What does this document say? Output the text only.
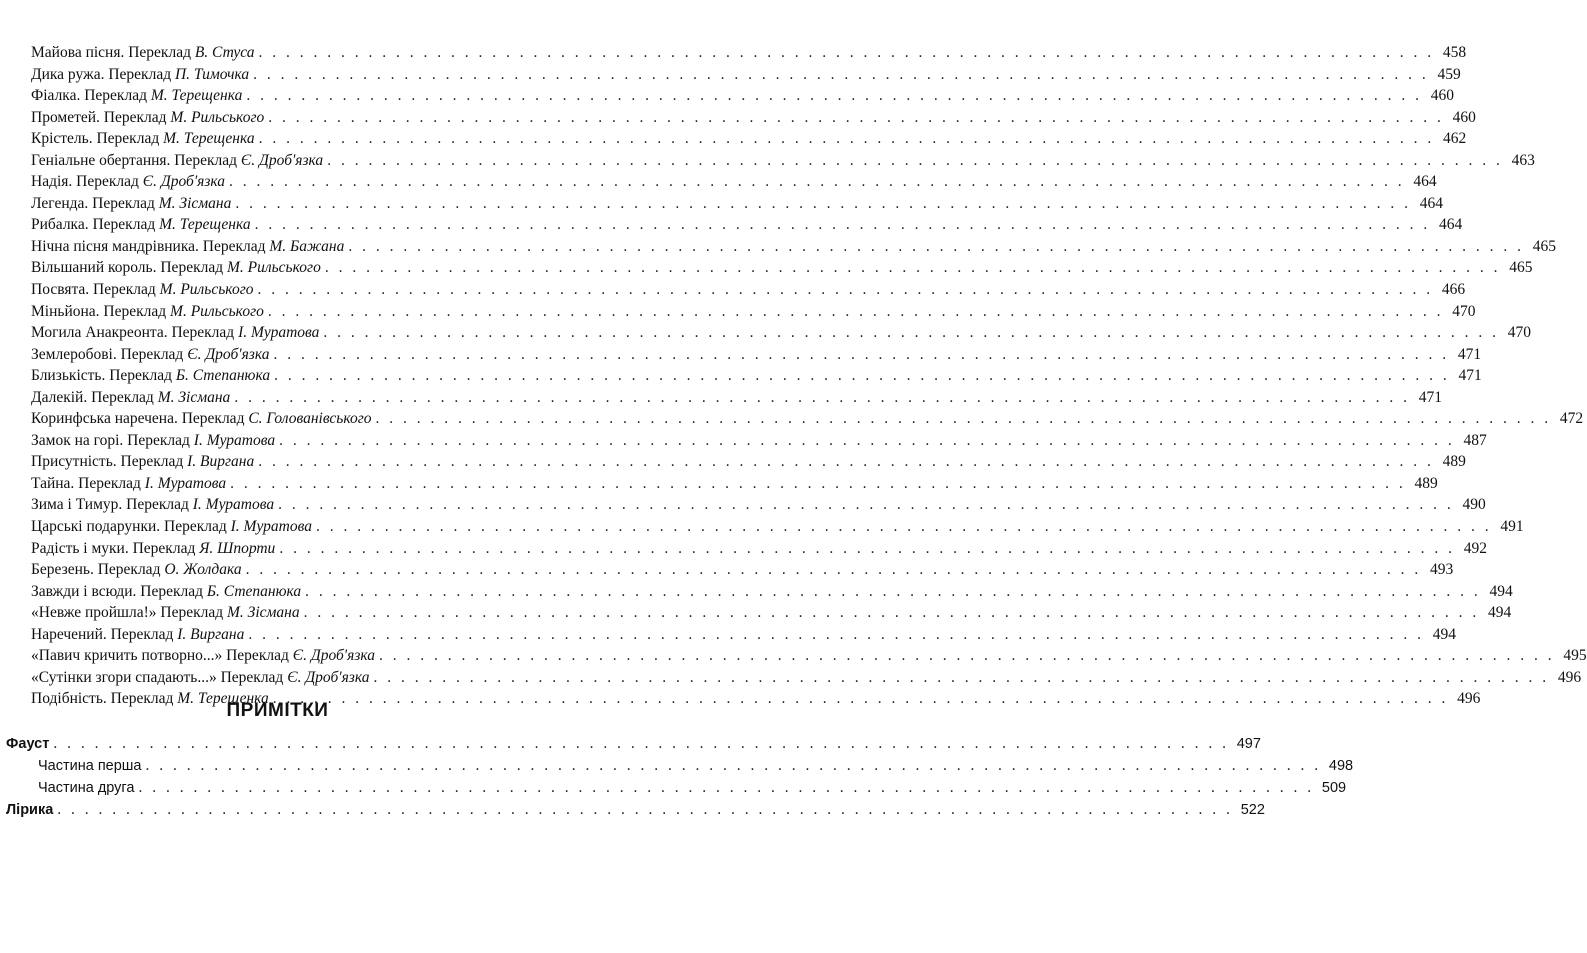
Майова пісня. Переклад В. Стуса . . . . . . . . . . . . . . . . . . . . . . . . . . . . . . . . . . . . . . . . . . . . . . . . . . . . . . . . . . . . . . . . . . . . . . . . . . . . . . . . . . . . . . 458
Дика ружа. Переклад П. Тимочка . . . . . . . . . . . . . . . . . . . . . . . . . . . . . . . . . . . . . . . . . . . . . . . . . . . . . . . . . . . . . . . . . . . . . . . . . . . . . . . . . . . . . . 459
Фіалка. Переклад М. Терещенка . . . . . . . . . . . . . . . . . . . . . . . . . . . . . . . . . . . . . . . . . . . . . . . . . . . . . . . . . . . . . . . . . . . . . . . . . . . . . . . . . . . . . . 460
Прометей. Переклад М. Рильського . . . . . . . . . . . . . . . . . . . . . . . . . . . . . . . . . . . . . . . . . . . . . . . . . . . . . . . . . . . . . . . . . . . . . . . . . . . . . . . . . . . . . . 460
Крістель. Переклад М. Терещенка . . . . . . . . . . . . . . . . . . . . . . . . . . . . . . . . . . . . . . . . . . . . . . . . . . . . . . . . . . . . . . . . . . . . . . . . . . . . . . . . . . . . . . 462
Геніальне обертання. Переклад Є. Дроб'язка . . . . . . . . . . . . . . . . . . . . . . . . . . . . . . . . . . . . . . . . . . . . . . . . . . . . . . . . . . . . . . . . . . . . . . . . . . . . . . . . . . . . . . 463
Надія. Переклад Є. Дроб'язка . . . . . . . . . . . . . . . . . . . . . . . . . . . . . . . . . . . . . . . . . . . . . . . . . . . . . . . . . . . . . . . . . . . . . . . . . . . . . . . . . . . . . . 464
Легенда. Переклад М. Зісмана . . . . . . . . . . . . . . . . . . . . . . . . . . . . . . . . . . . . . . . . . . . . . . . . . . . . . . . . . . . . . . . . . . . . . . . . . . . . . . . . . . . . . . 464
Рибалка. Переклад М. Терещенка . . . . . . . . . . . . . . . . . . . . . . . . . . . . . . . . . . . . . . . . . . . . . . . . . . . . . . . . . . . . . . . . . . . . . . . . . . . . . . . . . . . . . . 464
Нічна пісня мандрівника. Переклад М. Бажана . . . . . . . . . . . . . . . . . . . . . . . . . . . . . . . . . . . . . . . . . . . . . . . . . . . . . . . . . . . . . . . . . . . . . . . . . . . . . . . . . . . . . . 465
Вільшаний король. Переклад М. Рильського . . . . . . . . . . . . . . . . . . . . . . . . . . . . . . . . . . . . . . . . . . . . . . . . . . . . . . . . . . . . . . . . . . . . . . . . . . . . . . . . . . . . . . 465
Посвята. Переклад М. Рильського . . . . . . . . . . . . . . . . . . . . . . . . . . . . . . . . . . . . . . . . . . . . . . . . . . . . . . . . . . . . . . . . . . . . . . . . . . . . . . . . . . . . . . 466
Міньйона. Переклад М. Рильського . . . . . . . . . . . . . . . . . . . . . . . . . . . . . . . . . . . . . . . . . . . . . . . . . . . . . . . . . . . . . . . . . . . . . . . . . . . . . . . . . . . . . . 470
Могила Анакреонта. Переклад І. Муратова . . . . . . . . . . . . . . . . . . . . . . . . . . . . . . . . . . . . . . . . . . . . . . . . . . . . . . . . . . . . . . . . . . . . . . . . . . . . . . . . . . . . . . 470
Землеробові. Переклад Є. Дроб'язка . . . . . . . . . . . . . . . . . . . . . . . . . . . . . . . . . . . . . . . . . . . . . . . . . . . . . . . . . . . . . . . . . . . . . . . . . . . . . . . . . . . . . . 471
Близькість. Переклад Б. Степанюка . . . . . . . . . . . . . . . . . . . . . . . . . . . . . . . . . . . . . . . . . . . . . . . . . . . . . . . . . . . . . . . . . . . . . . . . . . . . . . . . . . . . . . 471
Далекій. Переклад М. Зісмана . . . . . . . . . . . . . . . . . . . . . . . . . . . . . . . . . . . . . . . . . . . . . . . . . . . . . . . . . . . . . . . . . . . . . . . . . . . . . . . . . . . . . . 471
Коринфська наречена. Переклад С. Голованівського . . . . . . . . . . . . . . . . . . . . . . . . . . . . . . . . . . . . . . . . . . . . . . . . . . . . . . . . . . . . . . . . . . . . . . . . . . . . . . . . . . . . . . 472
Замок на горі. Переклад І. Муратова . . . . . . . . . . . . . . . . . . . . . . . . . . . . . . . . . . . . . . . . . . . . . . . . . . . . . . . . . . . . . . . . . . . . . . . . . . . . . . . . . . . . . . 487
Присутність. Переклад І. Виргана . . . . . . . . . . . . . . . . . . . . . . . . . . . . . . . . . . . . . . . . . . . . . . . . . . . . . . . . . . . . . . . . . . . . . . . . . . . . . . . . . . . . . . 489
Тайна. Переклад І. Муратова . . . . . . . . . . . . . . . . . . . . . . . . . . . . . . . . . . . . . . . . . . . . . . . . . . . . . . . . . . . . . . . . . . . . . . . . . . . . . . . . . . . . . . 489
Зима і Тимур. Переклад І. Муратова . . . . . . . . . . . . . . . . . . . . . . . . . . . . . . . . . . . . . . . . . . . . . . . . . . . . . . . . . . . . . . . . . . . . . . . . . . . . . . . . . . . . . . 490
Царські подарунки. Переклад І. Муратова . . . . . . . . . . . . . . . . . . . . . . . . . . . . . . . . . . . . . . . . . . . . . . . . . . . . . . . . . . . . . . . . . . . . . . . . . . . . . . . . . . . . . . 491
Радість і муки. Переклад Я. Шпорти . . . . . . . . . . . . . . . . . . . . . . . . . . . . . . . . . . . . . . . . . . . . . . . . . . . . . . . . . . . . . . . . . . . . . . . . . . . . . . . . . . . . . . 492
Березень. Переклад О. Жолдака . . . . . . . . . . . . . . . . . . . . . . . . . . . . . . . . . . . . . . . . . . . . . . . . . . . . . . . . . . . . . . . . . . . . . . . . . . . . . . . . . . . . . . 493
Завжди і всюди. Переклад Б. Степанюка . . . . . . . . . . . . . . . . . . . . . . . . . . . . . . . . . . . . . . . . . . . . . . . . . . . . . . . . . . . . . . . . . . . . . . . . . . . . . . . . . . . . . . 494
«Невже пройшла!» Переклад М. Зісмана . . . . . . . . . . . . . . . . . . . . . . . . . . . . . . . . . . . . . . . . . . . . . . . . . . . . . . . . . . . . . . . . . . . . . . . . . . . . . . . . . . . . . . 494
Наречений. Переклад І. Виргана . . . . . . . . . . . . . . . . . . . . . . . . . . . . . . . . . . . . . . . . . . . . . . . . . . . . . . . . . . . . . . . . . . . . . . . . . . . . . . . . . . . . . . 494
«Павич кричить потворно...» Переклад Є. Дроб'язка . . . . . . . . . . . . . . . . . . . . . . . . . . . . . . . . . . . . . . . . . . . . . . . . . . . . . . . . . . . . . . . . . . . . . . . . . . . . . . . . . . . . . . 495
«Сутінки згори спадають...» Переклад Є. Дроб'язка . . . . . . . . . . . . . . . . . . . . . . . . . . . . . . . . . . . . . . . . . . . . . . . . . . . . . . . . . . . . . . . . . . . . . . . . . . . . . . . . . . . . . . 496
Подібність. Переклад М. Терещенка . . . . . . . . . . . . . . . . . . . . . . . . . . . . . . . . . . . . . . . . . . . . . . . . . . . . . . . . . . . . . . . . . . . . . . . . . . . . . . . . . . . . . . 496
ПРИМІТКИ
Фауст . . . . . . . . . . . . . . . . . . . . . . . . . . . . . . . . . . . . . . . . . . . . . . . . . . . . . . . . . . . . . . . . . . . . . . . . . . . . . . . . . . . . . . 497
Частина перша . . . . . . . . . . . . . . . . . . . . . . . . . . . . . . . . . . . . . . . . . . . . . . . . . . . . . . . . . . . . . . . . . . . . . . . . . . . . . . . . . . . . . . 498
Частина друга . . . . . . . . . . . . . . . . . . . . . . . . . . . . . . . . . . . . . . . . . . . . . . . . . . . . . . . . . . . . . . . . . . . . . . . . . . . . . . . . . . . . . . 509
Лірика . . . . . . . . . . . . . . . . . . . . . . . . . . . . . . . . . . . . . . . . . . . . . . . . . . . . . . . . . . . . . . . . . . . . . . . . . . . . . . . . . . . . . . 522
